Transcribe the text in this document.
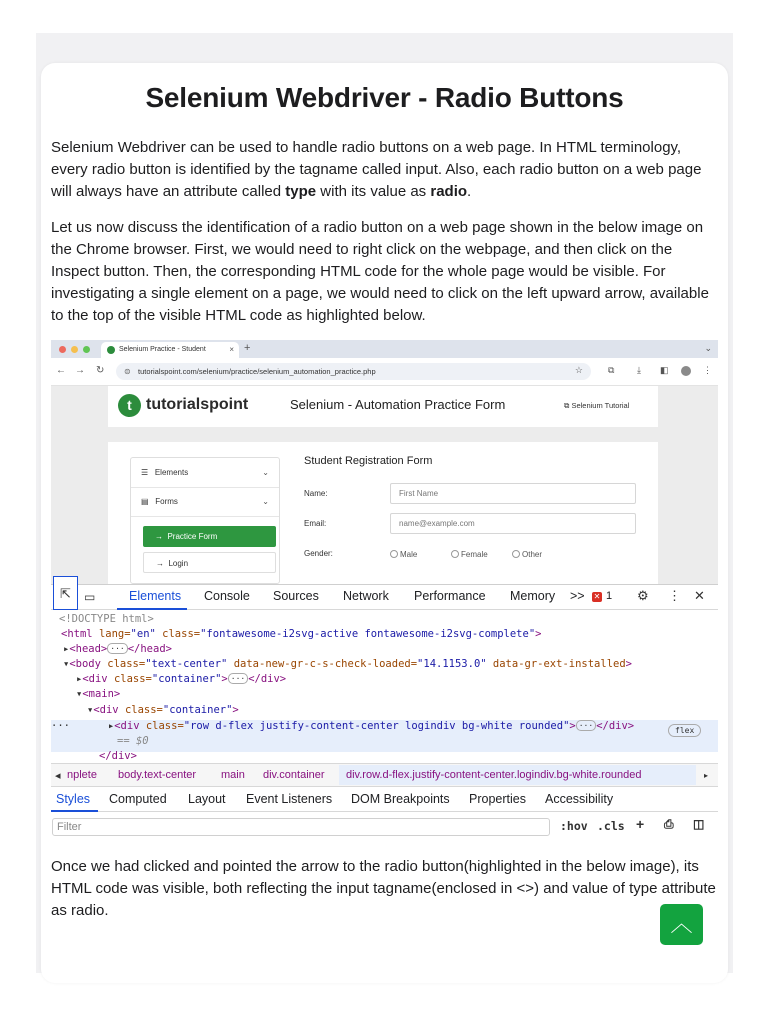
Selenium Webdriver - Radio Buttons

Selenium Webdriver can be used to handle radio buttons on a web page. In HTML terminology, every radio button is identified by the tagname called input. Also, each radio button on a web page will always have an attribute called type with its value as radio.

Let us now discuss the identification of a radio button on a web page shown in the below image on the Chrome browser. First, we would need to right click on the webpage, and then click on the Inspect button. Then, the corresponding HTML code for the whole page would be visible. For investigating a single element on a page, we would need to click on the left upward arrow, available to the top of the visible HTML code as highlighted below.

Selenium Practice - Student	× +	⌄
← → ↻ ⊜ tutorialspoint.com/selenium/practice/selenium_automation_practice.php	☆	⧉	⤓ ◧	⋮
t tutorialspoint	Selenium - Automation Practice Form	⧉ Selenium Tutorial
☰   Elements	⌄
▤   Forms	⌄
→  Practice Form
→  Login
Student Registration Form
Name:	First Name
Email:	name@example.com
Gender:	Male	Female	Other
⇱	▭	Elements Console Sources Network Performance Memory >> ✕ 1 ⚙ ⋮ ✕

<!DOCTYPE html>

<html lang="en" class="fontawesome-i2svg-active fontawesome-i2svg-complete">

▸<head> ··· </head>

▾<body class="text-center" data-new-gr-c-s-check-loaded="14.1153.0" data-gr-ext-installed>

▸<div class="container"> ··· </div>

▾<main>

▾<div class="container">

···	▸<div class="row d-flex justify-content-center logindiv bg-white rounded"> ··· </div>

	flex

== $0

</div>

◂ nplete body.text-center main div.container div.row.d-flex.justify-content-center.logindiv.bg-white.rounded	▸
Styles Computed Layout Event Listeners DOM Breakpoints Properties Accessibility
Filter	:hov .cls + ⎙ ◫

Once we had clicked and pointed the arrow to the radio button(highlighted in the below image), its HTML code was visible, both reflecting the input tagname(enclosed in <>) and value of type attribute as radio.

︿
